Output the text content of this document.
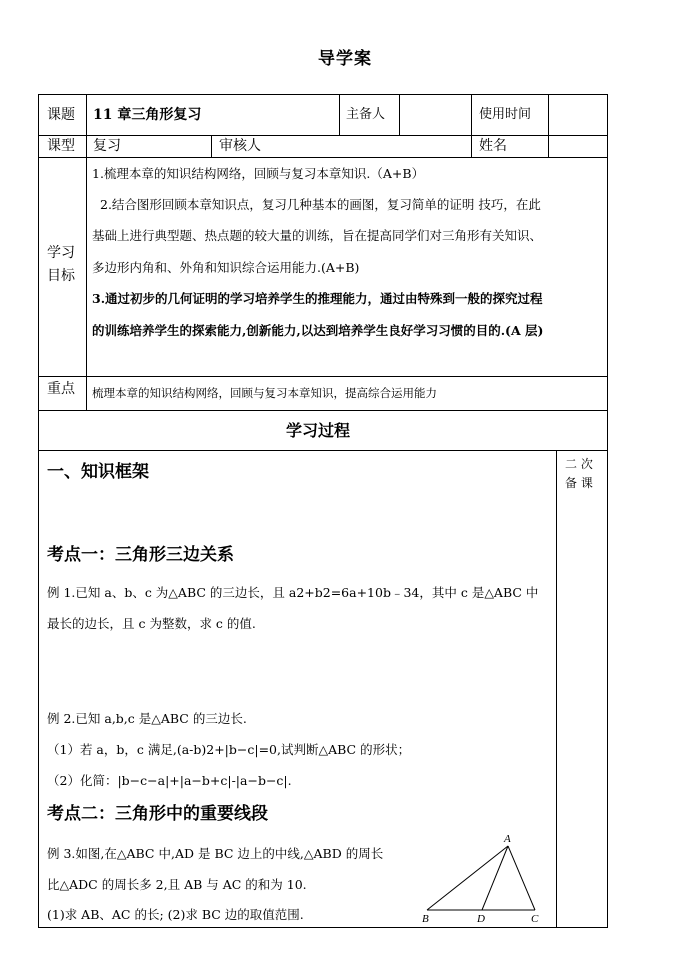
导学案
课题 11 章三角形复习	主备人	使用时间
课型 复习	审核人	姓名
学习
目标
1.梳理本章的知识结构网络，回顾与复习本章知识.（A+B）
2.结合图形回顾本章知识点，复习几种基本的画图，复习简单的证明 技巧，在此
基础上进行典型题、热点题的较大量的训练，旨在提高同学们对三角形有关知识、
多边形内角和、外角和知识综合运用能力.(A+B)
3.通过初步的几何证明的学习培养学生的推理能力，通过由特殊到一般的探究过程
的训练培养学生的探索能力,创新能力,以达到培养学生良好学习习惯的目的.(A 层)
重点 梳理本章的知识结构网络，回顾与复习本章知识，提高综合运用能力
学习过程
二 次
备 课
一、知识框架
考点一：三角形三边关系
例 1.已知 a、b、c 为△ABC 的三边长，且 a2+b2=6a+10b﹣34，其中 c 是△ABC 中
最长的边长，且 c 为整数，求 c 的值.
例 2.已知 a,b,c 是△ABC 的三边长.
（1）若 a，b，c 满足,(a-b)2+|b−c|=0,试判断△ABC 的形状；
（2）化简：|b−c−a|+|a−b+c|-|a−b−c|.
考点二：三角形中的重要线段
例 3.如图,在△ABC 中,AD 是 BC 边上的中线,△ABD 的周长
比△ADC 的周长多 2,且 AB 与 AC 的和为 10.
(1)求 AB、AC 的长; (2)求 BC 边的取值范围.
A
B	D	C
